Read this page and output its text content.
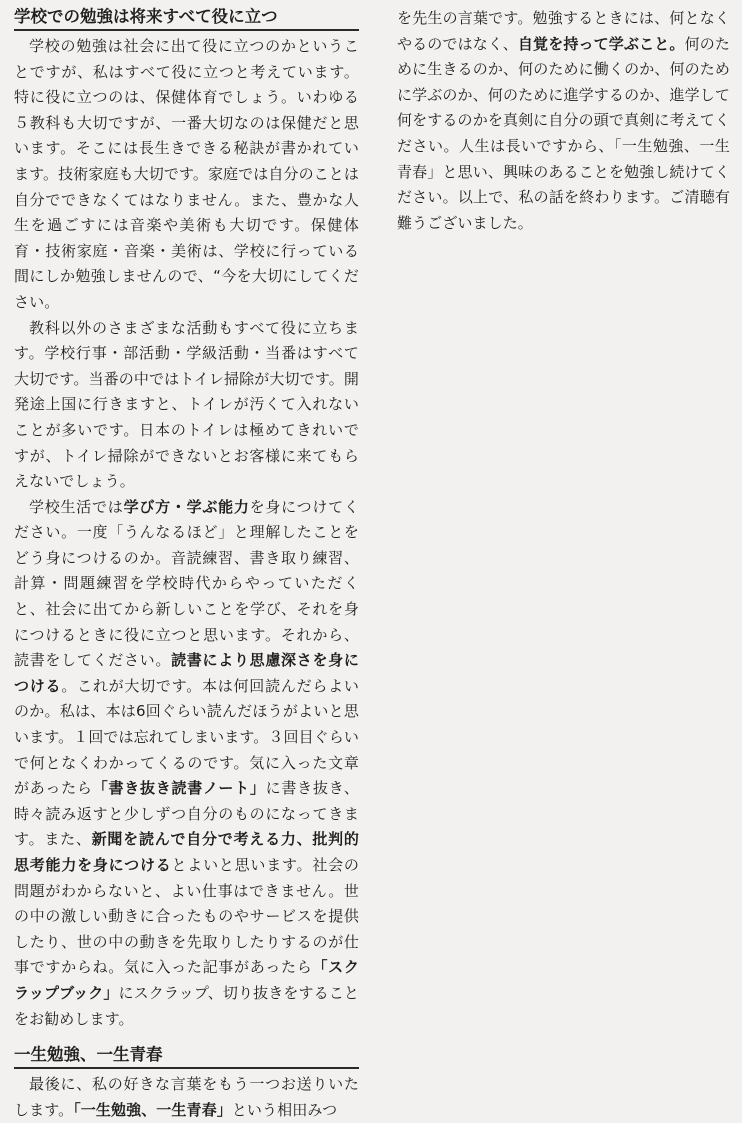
学校での勉強は将来すべて役に立つ

学校の勉強は社会に出て役に立つのかということですが、私はすべて役に立つと考えています。特に役に立つのは、保健体育でしょう。いわゆる５教科も大切ですが、一番大切なのは保健だと思います。そこには長生きできる秘訣が書かれています。技術家庭も大切です。家庭では自分のことは自分でできなくてはなりません。また、豊かな人生を過ごすには音楽や美術も大切です。保健体育・技術家庭・音楽・美術は、学校に行っている間にしか勉強しませんので、“今を大切にしてください。

教科以外のさまざまな活動もすべて役に立ちます。学校行事・部活動・学級活動・当番はすべて大切です。当番の中ではトイレ掃除が大切です。開発途上国に行きますと、トイレが汚くて入れないことが多いです。日本のトイレは極めてきれいですが、トイレ掃除ができないとお客様に来てもらえないでしょう。

学校生活では学び方・学ぶ能力を身につけてください。一度「うんなるほど」と理解したことをどう身につけるのか。音読練習、書き取り練習、計算・問題練習を学校時代からやっていただくと、社会に出てから新しいことを学び、それを身につけるときに役に立つと思います。それから、読書をしてください。読書により思慮深さを身につける。これが大切です。本は何回読んだらよいのか。私は、本は6回ぐらい読んだほうがよいと思います。１回では忘れてしまいます。３回目ぐらいで何となくわかってくるのです。気に入った文章があったら「書き抜き読書ノート」に書き抜き、時々読み返すと少しずつ自分のものになってきます。また、新聞を読んで自分で考える力、批判的思考能力を身につけるとよいと思います。社会の問題がわからないと、よい仕事はできません。世の中の激しい動きに合ったものやサービスを提供したり、世の中の動きを先取りしたりするのが仕事ですからね。気に入った記事があったら「スクラップブック」にスクラップ、切り抜きをすることをお勧めします。

一生勉強、一生青春

最後に、私の好きな言葉をもう一つお送りいたします。「一生勉強、一生青春」という相田みつ

を先生の言葉です。勉強するときには、何となくやるのではなく、自覚を持って学ぶこと。何のために生きるのか、何のために働くのか、何のために学ぶのか、何のために進学するのか、進学して何をするのかを真剣に自分の頭で真剣に考えてください。人生は長いですから、「一生勉強、一生青春」と思い、興味のあることを勉強し続けてください。以上で、私の話を終わります。ご清聴有難うございました。
